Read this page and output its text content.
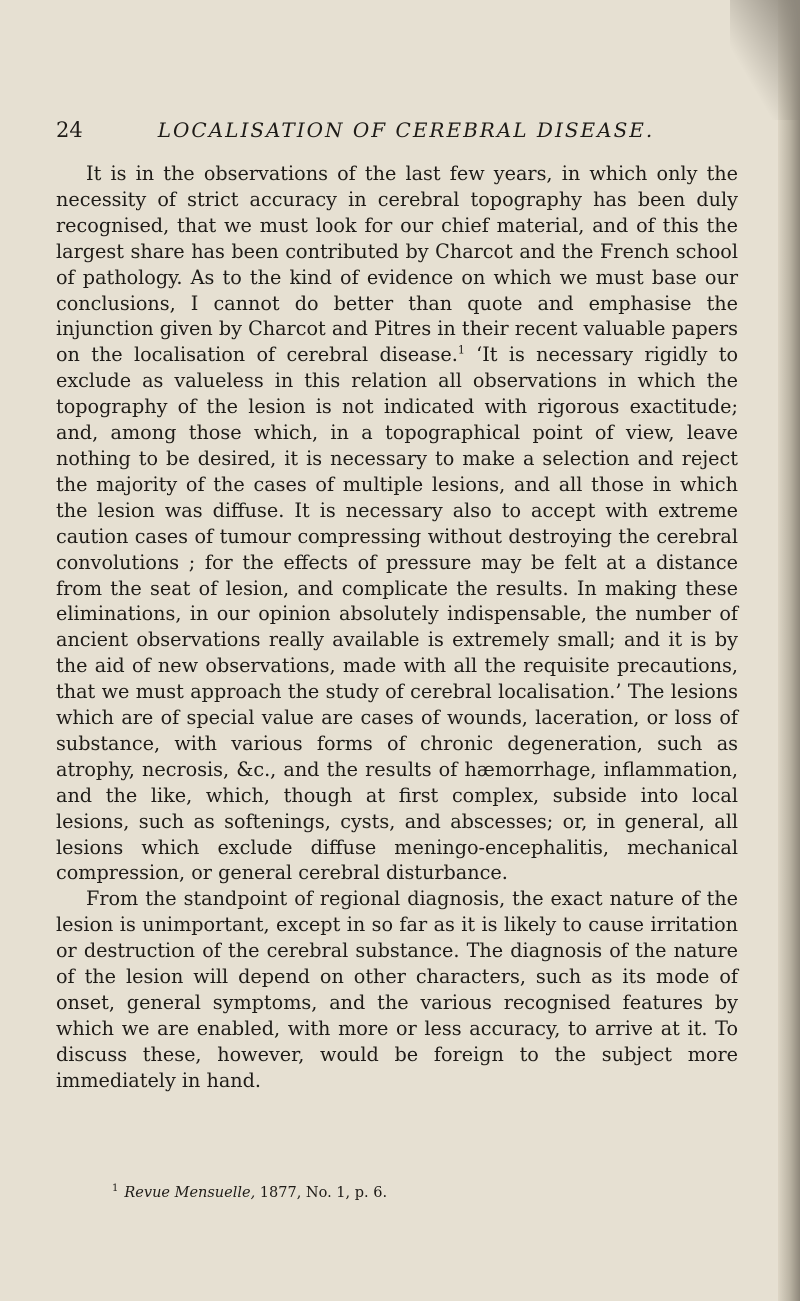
24	LOCALISATION OF CEREBRAL DISEASE.

It is in the observations of the last few years, in which only the necessity of strict accuracy in cerebral topography has been duly recognised, that we must look for our chief material, and of this the largest share has been contributed by Charcot and the French school of pathology. As to the kind of evidence on which we must base our conclusions, I cannot do better than quote and emphasise the injunction given by Charcot and Pitres in their recent valuable papers on the localisation of cerebral disease.$^1$ ‘It is necessary rigidly to exclude as valueless in this relation all observations in which the topography of the lesion is not indicated with rigorous exactitude; and, among those which, in a topographical point of view, leave nothing to be desired, it is necessary to make a selection and reject the majority of the cases of multiple lesions, and all those in which the lesion was diffuse. It is necessary also to accept with extreme caution cases of tumour compressing without destroying the cerebral convolutions ; for the effects of pressure may be felt at a distance from the seat of lesion, and complicate the results. In making these eliminations, in our opinion absolutely indispensable, the number of ancient observations really available is extremely small; and it is by the aid of new observations, made with all the requisite precautions, that we must approach the study of cerebral localisation.’ The lesions which are of special value are cases of wounds, laceration, or loss of substance, with various forms of chronic degeneration, such as atrophy, necrosis, &c., and the results of hæmorrhage, inflammation, and the like, which, though at first complex, subside into local lesions, such as softenings, cysts, and abscesses; or, in general, all lesions which exclude diffuse meningo-encephalitis, mechanical compression, or general cerebral disturbance.

From the standpoint of regional diagnosis, the exact nature of the lesion is unimportant, except in so far as it is likely to cause irritation or destruction of the cerebral substance. The diagnosis of the nature of the lesion will depend on other characters, such as its mode of onset, general symptoms, and the various recognised features by which we are enabled, with more or less accuracy, to arrive at it. To discuss these, however, would be foreign to the subject more immediately in hand.

$^1$ Revue Mensuelle, 1877, No. 1, p. 6.
